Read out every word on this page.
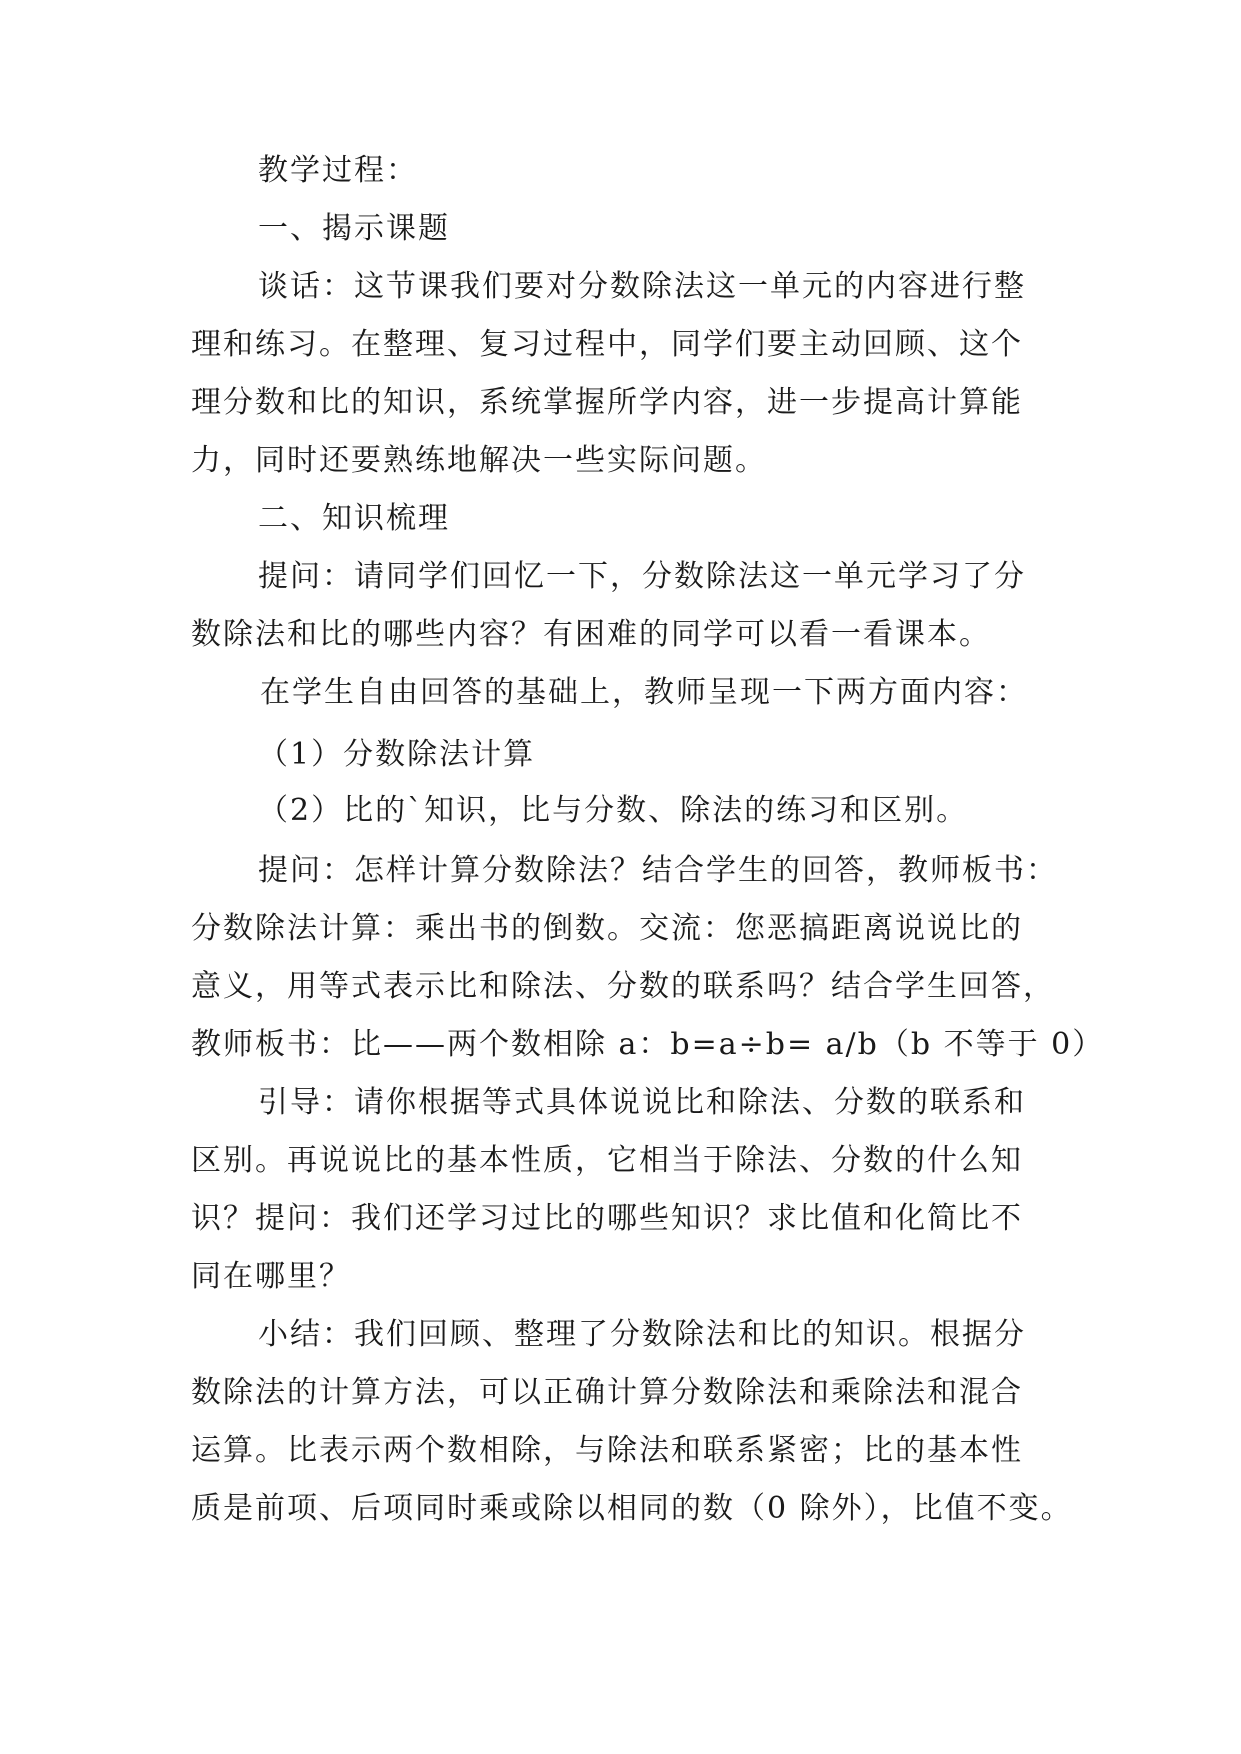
教学过程：
一、揭示课题
谈话：这节课我们要对分数除法这一单元的内容进行整
理和练习。在整理、复习过程中，同学们要主动回顾、这个
理分数和比的知识，系统掌握所学内容，进一步提高计算能
力，同时还要熟练地解决一些实际问题。
二、知识梳理
提问：请同学们回忆一下，分数除法这一单元学习了分
数除法和比的哪些内容？有困难的同学可以看一看课本。
在学生自由回答的基础上，教师呈现一下两方面内容：
（1）分数除法计算
（2）比的`知识，比与分数、除法的练习和区别。
提问：怎样计算分数除法？结合学生的回答，教师板书：
分数除法计算：乘出书的倒数。交流：您恶搞距离说说比的
意义，用等式表示比和除法、分数的联系吗？结合学生回答，
教师板书：比——两个数相除 a：b=a÷b= a/b（b 不等于 0）
引导：请你根据等式具体说说比和除法、分数的联系和
区别。再说说比的基本性质，它相当于除法、分数的什么知
识？提问：我们还学习过比的哪些知识？求比值和化简比不
同在哪里？
小结：我们回顾、整理了分数除法和比的知识。根据分
数除法的计算方法，可以正确计算分数除法和乘除法和混合
运算。比表示两个数相除，与除法和联系紧密；比的基本性
质是前项、后项同时乘或除以相同的数（0 除外），比值不变。
